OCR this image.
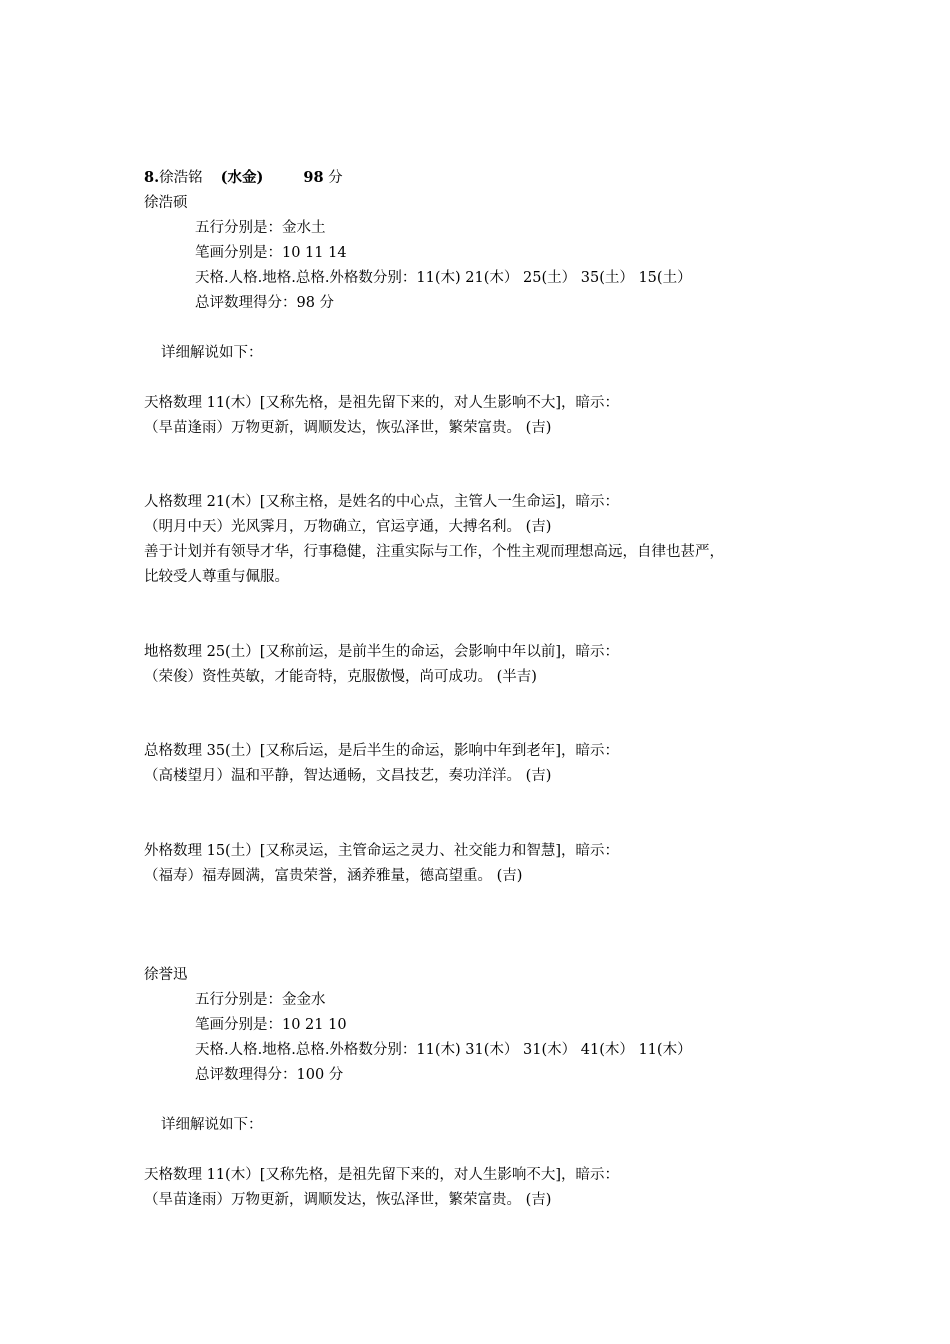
8.徐浩铭 (水金)	98 分
徐浩硕
五行分别是：金水土
笔画分别是：10 11 14
天格.人格.地格.总格.外格数分别：11(木) 21(木） 25(土） 35(土） 15(土）
总评数理得分：98 分
详细解说如下：
天格数理 11(木）[又称先格，是祖先留下来的，对人生影响不大]，暗示：
（旱苗逢雨）万物更新，调顺发达，恢弘泽世，繁荣富贵。 (吉)
人格数理 21(木）[又称主格，是姓名的中心点，主管人一生命运]，暗示：
（明月中天）光风霁月，万物确立，官运亨通，大搏名利。 (吉)
善于计划并有领导才华，行事稳健，注重实际与工作，个性主观而理想高远，自律也甚严，
比较受人尊重与佩服。
地格数理 25(土）[又称前运，是前半生的命运，会影响中年以前]，暗示：
（荣俊）资性英敏，才能奇特，克服傲慢，尚可成功。 (半吉)
总格数理 35(土）[又称后运，是后半生的命运，影响中年到老年]，暗示：
（高楼望月）温和平静，智达通畅，文昌技艺，奏功洋洋。 (吉)
外格数理 15(土）[又称灵运，主管命运之灵力、社交能力和智慧]，暗示：
（福寿）福寿圆满，富贵荣誉，涵养雅量，德高望重。 (吉)
徐誉迅
五行分别是：金金水
笔画分别是：10 21 10
天格.人格.地格.总格.外格数分别：11(木) 31(木） 31(木） 41(木） 11(木）
总评数理得分：100 分
详细解说如下：
天格数理 11(木）[又称先格，是祖先留下来的，对人生影响不大]，暗示：
（旱苗逢雨）万物更新，调顺发达，恢弘泽世，繁荣富贵。 (吉)
